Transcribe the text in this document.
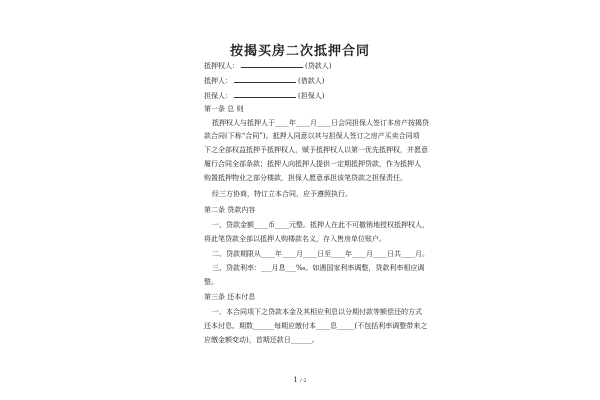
按揭买房二次抵押合同
抵押权人：	(贷款人)
抵押人：	(借款人)
担保人：	(担保人)
第一条 总 则
抵押权人与抵押人于____年____月____日会同担保人签订本房产按揭贷
款合同(下称“合同”)。抵押人同意以其与担保人签订之房产买卖合同项
下之全部权益抵押予抵押权人，赋予抵押权人以第一优先抵押权，并愿意
履行合同全部条款；抵押人向抵押人提供一定期抵押贷款，作为抵押人
购置抵押物业之部分楼款，担保人愿意承担该笔贷款之担保责任。
经三方协商，特订立本合同，应予遵照执行。
第二条 贷款内容
一、贷款金额____币____元整。抵押人在此不可撤销地授权抵押权人，
将此笔贷款全部以抵押人购楼款名义，存入售房单位账户。
二、贷款期限从____年____月____日至____年____月____日共____月。
三、贷款利率：___月息___‰。如遇国家利率调整，贷款利率相应调
整。
第三条 还本付息
一、本合同项下之贷款本金及其相应利息以分期付款等额偿还的方式
还本付息。期数______每期应缴付本____息_____(不包括利率调整带来之
应缴金额变动)，首期还款日______。
1 / 2
